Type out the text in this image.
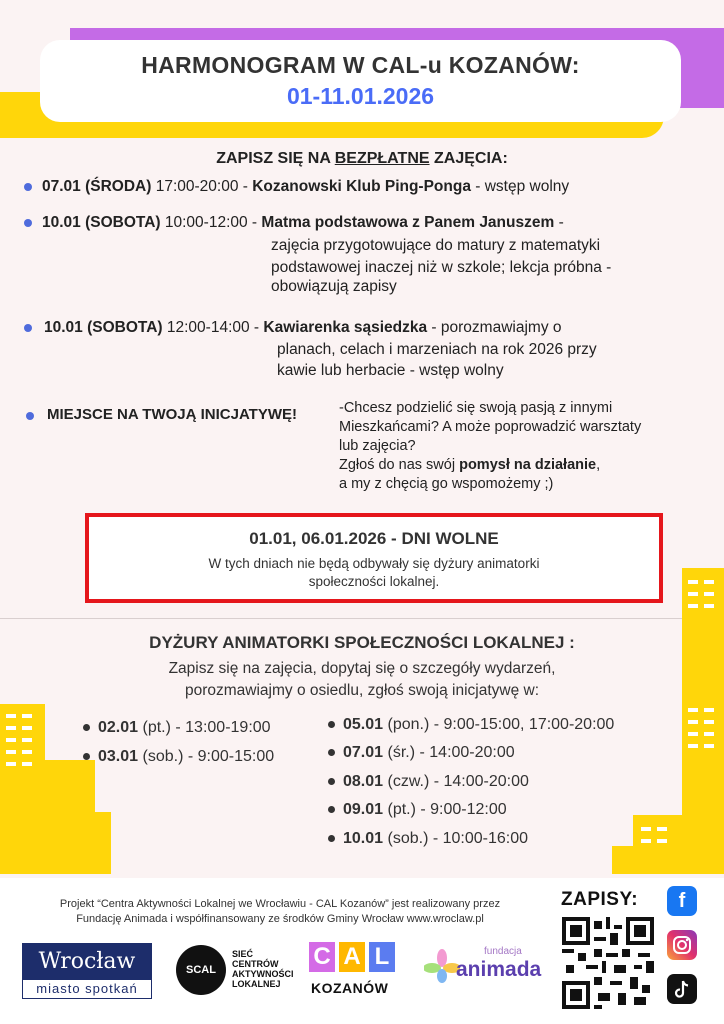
HARMONOGRAM W CAL-u KOZANÓW:
01-11.01.2026
ZAPISZ SIĘ NA BEZPŁATNE ZAJĘCIA:
07.01 (ŚRODA) 17:00-20:00 - Kozanowski Klub Ping-Ponga - wstęp wolny
10.01 (SOBOTA) 10:00-12:00 - Matma podstawowa z Panem Januszem -
zajęcia przygotowujące do matury z matematyki
podstawowej inaczej niż w szkole; lekcja próbna -
obowiązują zapisy
10.01 (SOBOTA) 12:00-14:00 - Kawiarenka sąsiedzka - porozmawiajmy o
planach, celach i marzeniach na rok 2026 przy
kawie lub herbacie - wstęp wolny
MIEJSCE NA TWOJĄ INICJATYWĘ!	-Chcesz podzielić się swoją pasją z innymi
Mieszkańcami? A może poprowadzić warsztaty
lub zajęcia?
Zgłoś do nas swój pomysł na działanie,
a my z chęcią go wspomożemy ;)
01.01, 06.01.2026 - DNI WOLNE
W tych dniach nie będą odbywały się dyżury animatorki
społeczności lokalnej.
DYŻURY ANIMATORKI SPOŁECZNOŚCI LOKALNEJ :
Zapisz się na zajęcia, dopytaj się o szczegóły wydarzeń,
porozmawiajmy o osiedlu, zgłoś swoją inicjatywę w:
02.01 (pt.) - 13:00-19:00
03.01 (sob.) - 9:00-15:00
05.01 (pon.) - 9:00-15:00, 17:00-20:00
07.01 (śr.) - 14:00-20:00
08.01 (czw.) - 14:00-20:00
09.01 (pt.) - 9:00-12:00
10.01 (sob.) - 10:00-16:00
Projekt “Centra Aktywności Lokalnej we Wrocławiu - CAL Kozanów” jest realizowany przez
Fundację Animada i współfinansowany ze środków Gminy Wrocław www.wroclaw.pl
ZAPISY:
Wrocław
miasto spotkań
SCAL
SIEĆ
CENTRÓW
AKTYWNOŚCI
LOKALNEJ
C A L
KOZANÓW
fundacja
animada
f
